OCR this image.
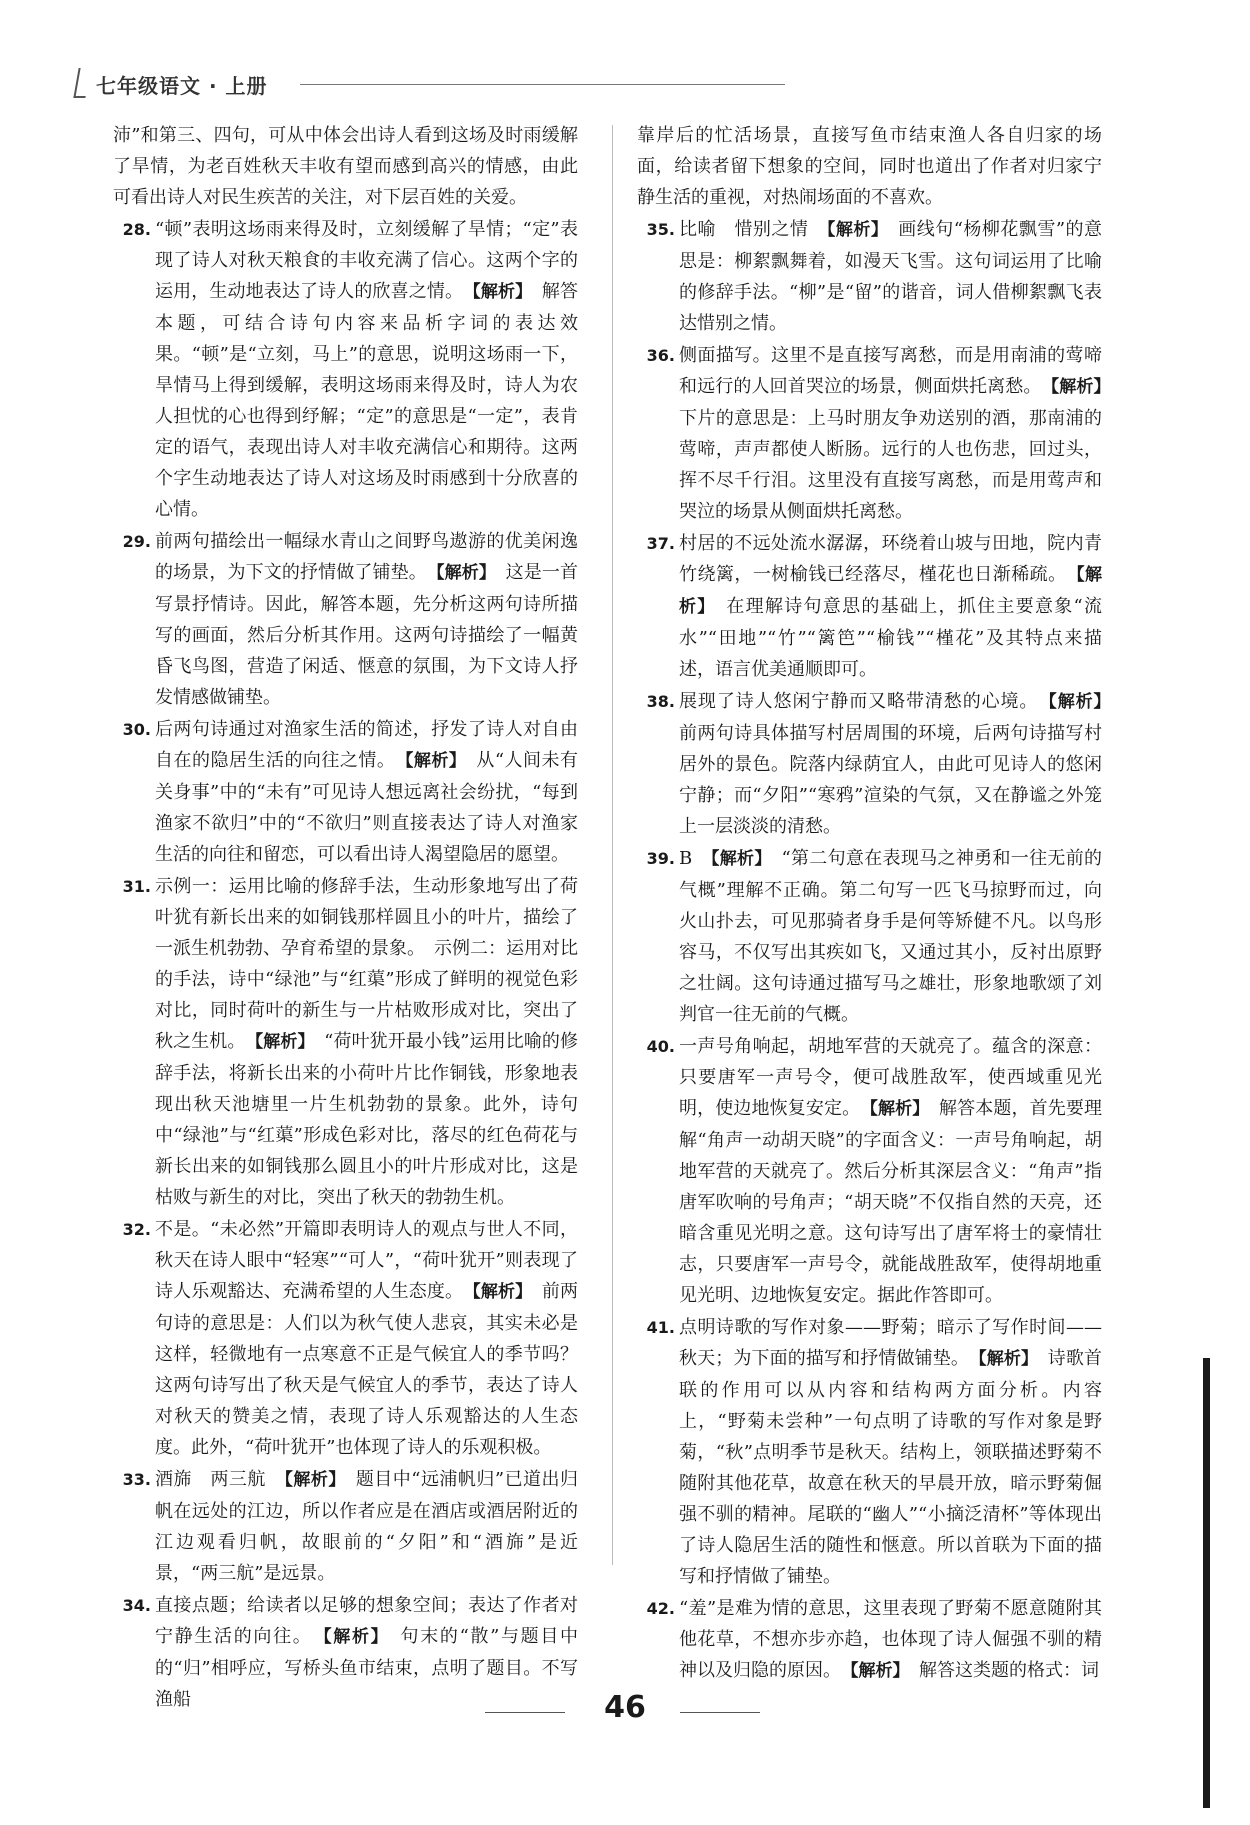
七年级语文 · 上册
沛”和第三、四句，可从中体会出诗人看到这场及时雨缓解了旱情，为老百姓秋天丰收有望而感到高兴的情感，由此可看出诗人对民生疾苦的关注，对下层百姓的关爱。
28. “顿”表明这场雨来得及时，立刻缓解了旱情；“定”表现了诗人对秋天粮食的丰收充满了信心。这两个字的运用，生动地表达了诗人的欣喜之情。　 【解析】　 解答本题，可结合诗句内容来品析字词的表达效果。“顿”是“立刻，马上”的意思，说明这场雨一下，旱情马上得到缓解，表明这场雨来得及时，诗人为农人担忧的心也得到纾解；“定”的意思是“一定”，表肯定的语气，表现出诗人对丰收充满信心和期待。这两个字生动地表达了诗人对这场及时雨感到十分欣喜的心情。
29. 前两句描绘出一幅绿水青山之间野鸟遨游的优美闲逸的场景，为下文的抒情做了铺垫。　 【解析】　 这是一首写景抒情诗。因此，解答本题，先分析这两句诗所描写的画面，然后分析其作用。这两句诗描绘了一幅黄昏飞鸟图，营造了闲适、惬意的氛围，为下文诗人抒发情感做铺垫。
30. 后两句诗通过对渔家生活的简述，抒发了诗人对自由自在的隐居生活的向往之情。　 【解析】　 从“人间未有关身事”中的“未有”可见诗人想远离社会纷扰，“每到渔家不欲归”中的“不欲归”则直接表达了诗人对渔家生活的向往和留恋，可以看出诗人渴望隐居的愿望。
31. 示例一：运用比喻的修辞手法，生动形象地写出了荷叶犹有新长出来的如铜钱那样圆且小的叶片，描绘了一派生机勃勃、孕育希望的景象。　示例二：运用对比的手法，诗中“绿池”与“红蕖”形成了鲜明的视觉色彩对比，同时荷叶的新生与一片枯败形成对比，突出了秋之生机。　 【解析】　 “荷叶犹开最小钱”运用比喻的修辞手法，将新长出来的小荷叶片比作铜钱，形象地表现出秋天池塘里一片生机勃勃的景象。此外，诗句中“绿池”与“红蕖”形成色彩对比，落尽的红色荷花与新长出来的如铜钱那么圆且小的叶片形成对比，这是枯败与新生的对比，突出了秋天的勃勃生机。
32. 不是。“未必然”开篇即表明诗人的观点与世人不同，秋天在诗人眼中“轻寒”“可人”，“荷叶犹开”则表现了诗人乐观豁达、充满希望的人生态度。　 【解析】　 前两句诗的意思是：人们以为秋气使人悲哀，其实未必是这样，轻微地有一点寒意不正是气候宜人的季节吗？这两句诗写出了秋天是气候宜人的季节，表达了诗人对秋天的赞美之情，表现了诗人乐观豁达的人生态度。此外，“荷叶犹开”也体现了诗人的乐观积极。
33. 酒旆　两三航　 【解析】　 题目中“远浦帆归”已道出归帆在远处的江边，所以作者应是在酒店或酒居附近的江边观看归帆，故眼前的“夕阳”和“酒旆”是近景，“两三航”是远景。
34. 直接点题；给读者以足够的想象空间；表达了作者对宁静生活的向往。　 【解析】　 句末的“散”与题目中的“归”相呼应，写桥头鱼市结束，点明了题目。不写渔船
靠岸后的忙活场景，直接写鱼市结束渔人各自归家的场面，给读者留下想象的空间，同时也道出了作者对归家宁静生活的重视，对热闹场面的不喜欢。
35. 比喻　惜别之情　 【解析】　 画线句“杨柳花飘雪”的意思是：柳絮飘舞着，如漫天飞雪。这句词运用了比喻的修辞手法。“柳”是“留”的谐音，词人借柳絮飘飞表达惜别之情。
36. 侧面描写。这里不是直接写离愁，而是用南浦的莺啼和远行的人回首哭泣的场景，侧面烘托离愁。　 【解析】　下片的意思是：上马时朋友争劝送别的酒，那南浦的莺啼，声声都使人断肠。远行的人也伤悲，回过头，挥不尽千行泪。这里没有直接写离愁，而是用莺声和哭泣的场景从侧面烘托离愁。
37. 村居的不远处流水潺潺，环绕着山坡与田地，院内青竹绕篱，一树榆钱已经落尽，槿花也日渐稀疏。　 【解析】　 在理解诗句意思的基础上，抓住主要意象“流水”“田地”“竹”“篱笆”“榆钱”“槿花”及其特点来描述，语言优美通顺即可。
38. 展现了诗人悠闲宁静而又略带清愁的心境。　 【解析】　前两句诗具体描写村居周围的环境，后两句诗描写村居外的景色。院落内绿荫宜人，由此可见诗人的悠闲宁静；而“夕阳”“寒鸦”渲染的气氛，又在静谧之外笼上一层淡淡的清愁。
39. B　 【解析】　 “第二句意在表现马之神勇和一往无前的气概”理解不正确。第二句写一匹飞马掠野而过，向火山扑去，可见那骑者身手是何等矫健不凡。以鸟形容马，不仅写出其疾如飞，又通过其小，反衬出原野之壮阔。这句诗通过描写马之雄壮，形象地歌颂了刘判官一往无前的气概。
40. 一声号角响起，胡地军营的天就亮了。蕴含的深意：只要唐军一声号令，便可战胜敌军，使西域重见光明，使边地恢复安定。　 【解析】　 解答本题，首先要理解“角声一动胡天晓”的字面含义：一声号角响起，胡地军营的天就亮了。然后分析其深层含义：“角声”指唐军吹响的号角声；“胡天晓”不仅指自然的天亮，还暗含重见光明之意。这句诗写出了唐军将士的豪情壮志，只要唐军一声号令，就能战胜敌军，使得胡地重见光明、边地恢复安定。据此作答即可。
41. 点明诗歌的写作对象——野菊；暗示了写作时间——秋天；为下面的描写和抒情做铺垫。　 【解析】　 诗歌首联的作用可以从内容和结构两方面分析。内容上，“野菊未尝种”一句点明了诗歌的写作对象是野菊，“秋”点明季节是秋天。结构上，领联描述野菊不随附其他花草，故意在秋天的早晨开放，暗示野菊倔强不驯的精神。尾联的“幽人”“小摘泛清杯”等体现出了诗人隐居生活的随性和惬意。所以首联为下面的描写和抒情做了铺垫。
42. “羞”是难为情的意思，这里表现了野菊不愿意随附其他花草，不想亦步亦趋，也体现了诗人倔强不驯的精神以及归隐的原因。　 【解析】　 解答这类题的格式：词
46
